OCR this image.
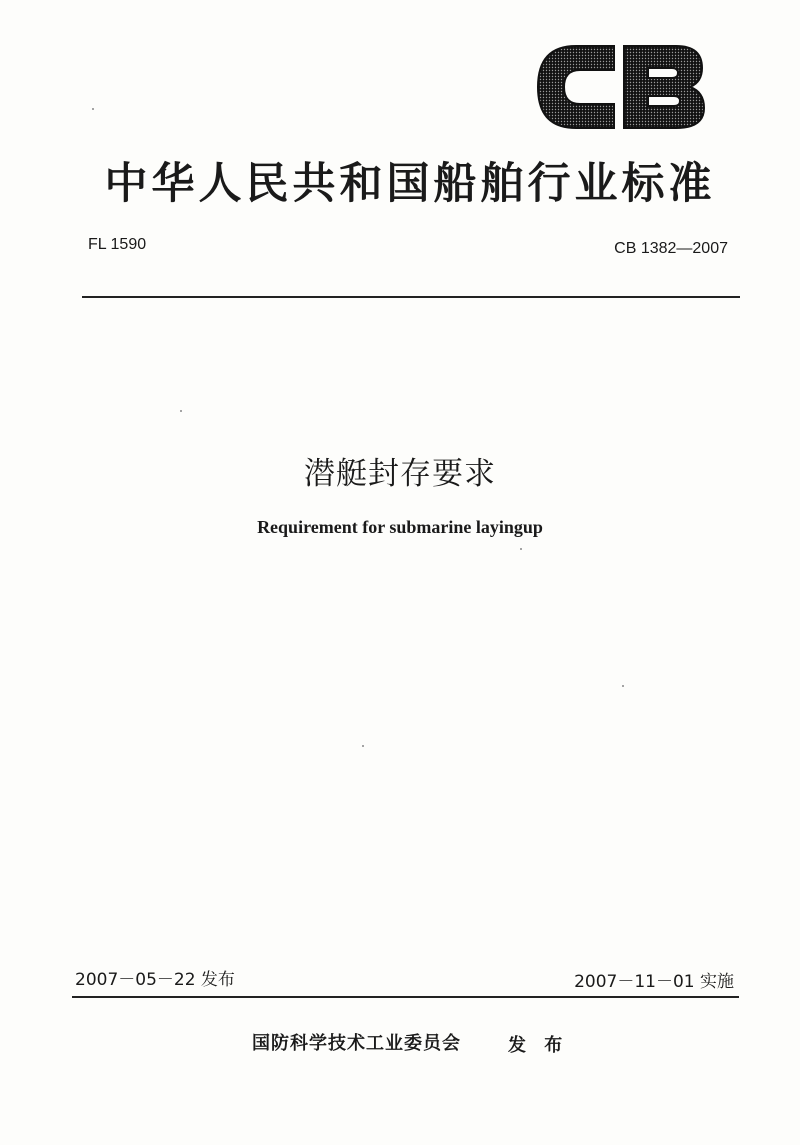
中华人民共和国船舶行业标准
FL 1590	CB 1382—2007
潜艇封存要求
Requirement for submarine layingup
2007－05－22 发布	2007－11－01 实施
国防科学技术工业委员会	发 布
